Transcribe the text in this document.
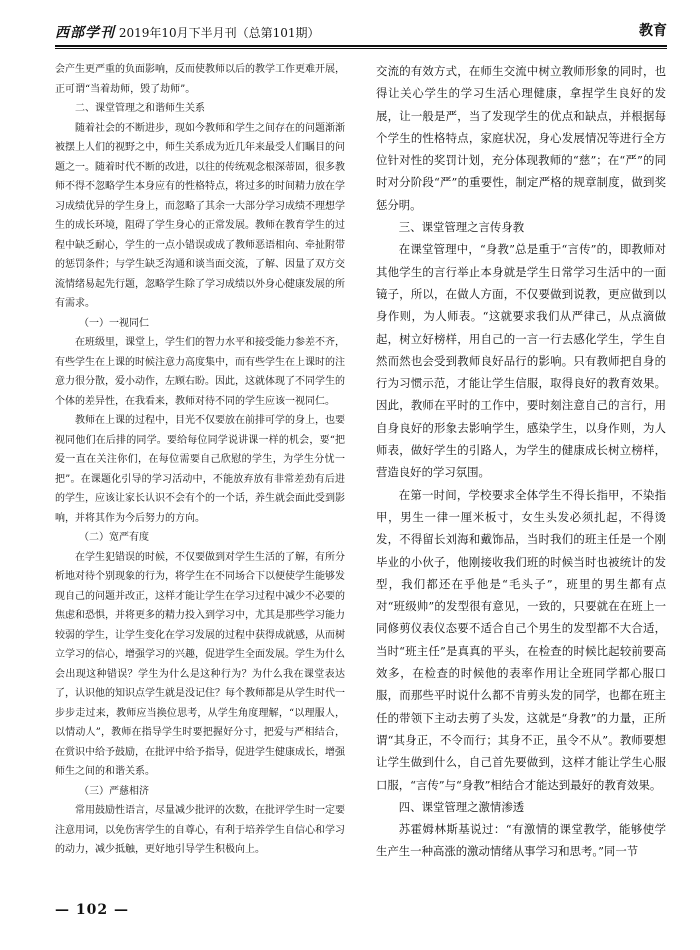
西部学刊 2019年10月下半月刊（总第101期）	教育

会产生更严重的负面影响，反而使教师以后的教学工作更难开展，正可谓“当着劫师，毁了劫师”。

二、课堂管理之和谐师生关系

随着社会的不断进步，现如今教师和学生之间存在的问题渐渐被摆上人们的视野之中，师生关系成为近几年来最受人们瞩目的问题之一。随着时代不断的改进，以往的传统观念根深蒂固，很多教师不得不忽略学生本身应有的性格特点，将过多的时间精力放在学习成绩优异的学生身上，而忽略了其余一大部分学习成绩不理想学生的成长环境，阻碍了学生身心的正常发展。教师在教育学生的过程中缺乏耐心，学生的一点小错误或成了教师恶语相向、牵扯附带的惩罚条件；与学生缺乏沟通和谈当面交流，了解、因量了双方交流情绪易起先行题，忽略学生除了学习成绩以外身心健康发展的所有需求。

（一）一视同仁

在班级里，课堂上，学生们的智力水平和接受能力参差不齐，有些学生在上课的时候注意力高度集中，而有些学生在上课时的注意力很分散，爱小动作，左顾右盼。因此，这就体现了不同学生的个体的差异性，在我看来，教师对待不同的学生应该一视同仁。

教师在上课的过程中，目光不仅要放在前排可学的身上，也要视同他们在后排的同学。要给每位同学说讲课一样的机会，要“把爱一直在关注你们，在每位需要自己欣慰的学生，为学生分忧一把”。在课题化引导的学习活动中，不能放弃放有非常差劲有后进的学生，应该让家长认识不会有个的一个话，养生就会面此受到影响，并将其作为今后努力的方向。

（二）宽严有度

在学生犯错误的时候，不仅要做到对学生生活的了解，有所分析地对待个别现象的行为，将学生在不同场合下以便使学生能够发现自己的问题并改正，这样才能让学生在学习过程中减少不必要的焦虑和恐惧，并将更多的精力投入到学习中，尤其是那些学习能力较弱的学生，让学生变化在学习发展的过程中获得成就感，从而树立学习的信心，增强学习的兴趣，促进学生全面发展。学生为什么会出现这种错误？学生为什么是这种行为？为什么我在课堂表达了，认识他的知识点学生就是没记住？每个教师都是从学生时代一步步走过来，教师应当换位思考，从学生角度理解，“以理服人，以情动人”，教师在指导学生时要把握好分寸，把爱与严相结合，在赏识中给予鼓励，在批评中给予指导，促进学生健康成长，增强师生之间的和谐关系。

（三）严慈相济

常用鼓励性语言，尽量减少批评的次数，在批评学生时一定要注意用词，以免伤害学生的自尊心，有利于培养学生自信心和学习的动力，减少抵触，更好地引导学生积极向上。

交流的有效方式，在师生交流中树立教师形象的同时，也得让关心学生的学习生活心理健康，拿捏学生良好的发展，让一般是严，当了发现学生的优点和缺点，并根据每个学生的性格特点，家庭状况，身心发展情况等进行全方位针对性的奖罚计划，充分体现教师的“慈”；在“严”的同时对分阶段“严”的重要性，制定严格的规章制度，做到奖惩分明。

三、课堂管理之言传身教

在课堂管理中，“身教”总是重于“言传”的，即教师对其他学生的言行举止本身就是学生日常学习生活中的一面镜子，所以，在做人方面，不仅要做到说教，更应做到以身作则，为人师表。“这就要求我们从严律己，从点滴做起，树立好榜样，用自己的一言一行去感化学生，学生自然而然也会受到教师良好品行的影响。只有教师把自身的行为习惯示范，才能让学生信服，取得良好的教育效果。因此，教师在平时的工作中，要时刻注意自己的言行，用自身良好的形象去影响学生，感染学生，以身作则，为人师表，做好学生的引路人，为学生的健康成长树立榜样，营造良好的学习氛围。

在第一时间，学校要求全体学生不得长指甲，不染指甲，男生一律一厘米板寸，女生头发必须扎起，不得烫发，不得留长刘海和戴饰品，当时我们的班主任是一个刚毕业的小伙子，他刚接收我们班的时候当时也被统计的发型，我们都还在乎他是“毛头子”，班里的男生都有点对“班级帅”的发型很有意见，一致的，只要就在在班上一同修剪仪表仪态要不适合自己个男生的发型都不大合适，当时“班主任”是真真的平头，在检查的时候比起较前要高效多，在检查的时候他的表率作用让全班同学都心服口服，而那些平时说什么都不肯剪头发的同学，也都在班主任的带领下主动去剪了头发，这就是“身教”的力量，正所谓“其身正，不令而行；其身不正，虽令不从”。教师要想让学生做到什么，自己首先要做到，这样才能让学生心服口服，“言传”与“身教”相结合才能达到最好的教育效果。

四、课堂管理之激情渗透

苏霍姆林斯基说过：“有激情的课堂教学，能够使学生产生一种高涨的激动情绪从事学习和思考。”同一节

— 102 —
